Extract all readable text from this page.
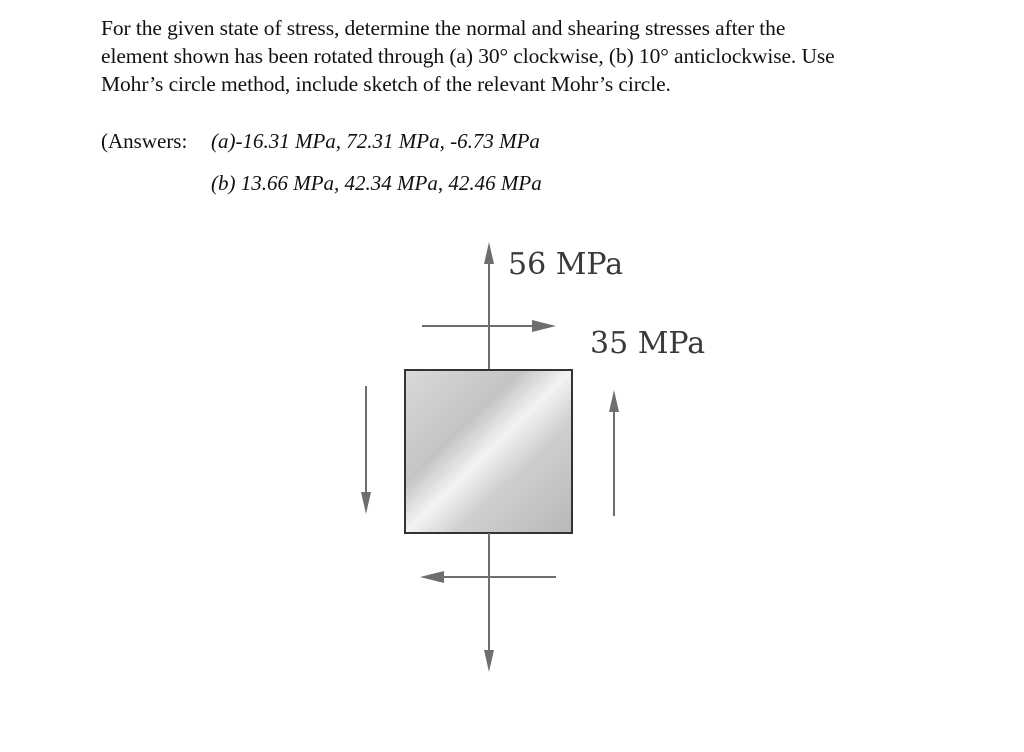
For the given state of stress, determine the normal and shearing stresses after the
element shown has been rotated through (a) 30° clockwise, (b) 10° anticlockwise. Use
Mohr’s circle method, include sketch of the relevant Mohr’s circle.
(Answers: (a)-16.31 MPa, 72.31 MPa, -6.73 MPa
(b) 13.66 MPa, 42.34 MPa, 42.46 MPa
56 MPa
35 MPa
